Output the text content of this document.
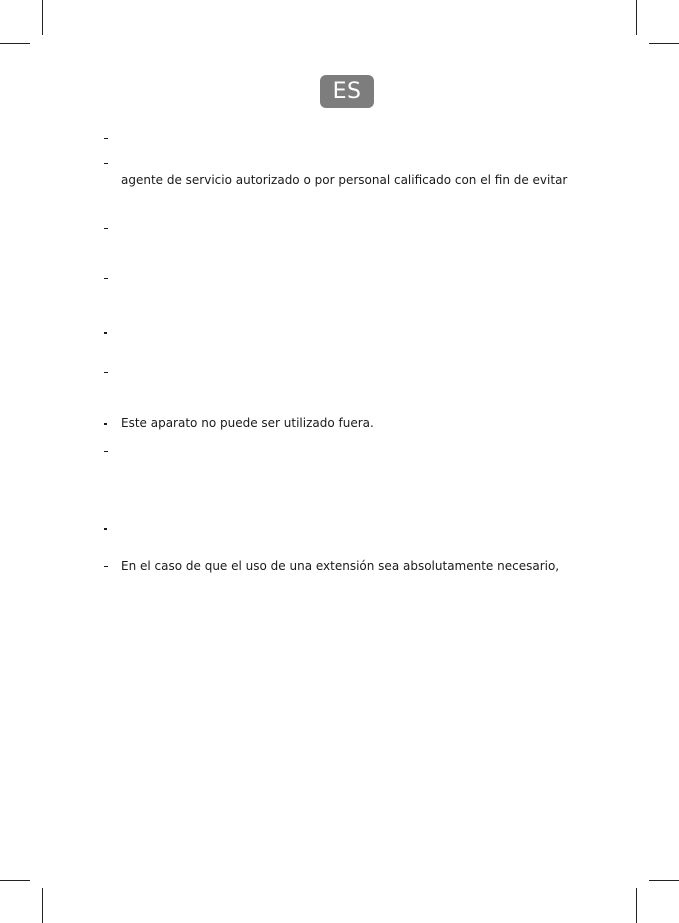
ES
agente de servicio autorizado o por personal calificado con el fin de evitar
Este aparato no puede ser utilizado fuera.
En el caso de que el uso de una extensión sea absolutamente necesario,
